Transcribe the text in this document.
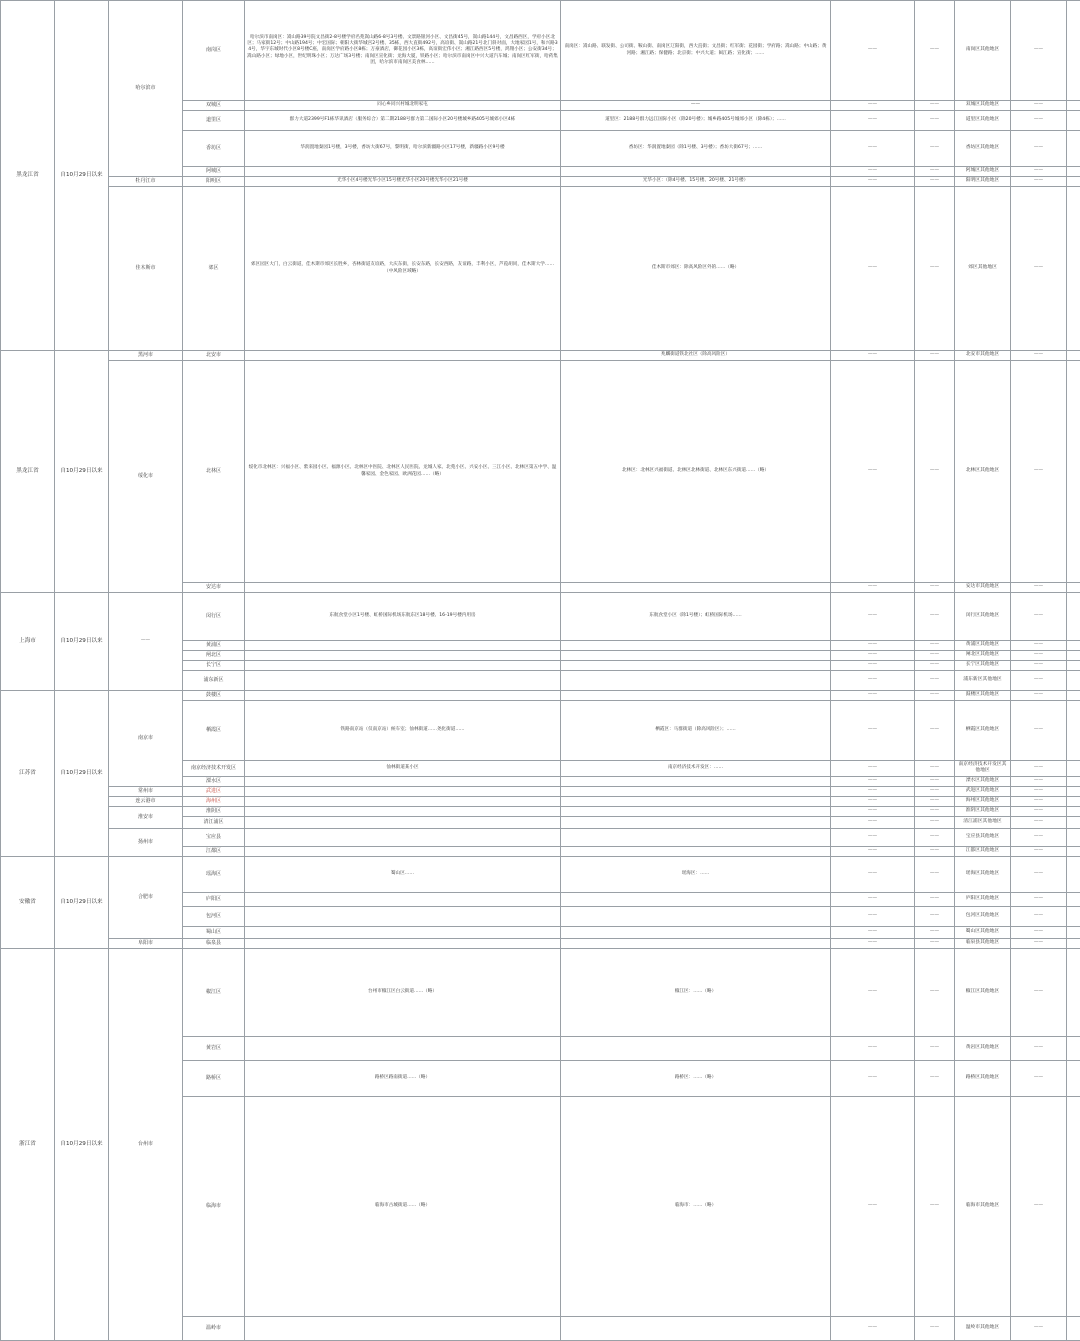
黑龙江省	自10月29日以来	哈尔滨市	南岗区	哈尔滨市南岗区：嵩山路39号院文昌街2-8号楼学府名苑嵩山路6-8号3号楼、文景路银河小区、文昌街45号，嵩山路144号，文昌路西区，学府小区北区；马家街12号；中山路194号；中宏国际；朝阳大街华城宫2号楼、35栋，西大直街492号，高谊街、嵩山路21号北门斜对面，大地家园1号，和兴路34号，华宇东城时代小区8号楼C座，南岗区学府路小区8栋；万豪酒店，御花园小区3栋，高谊街宏伟小区；湘江路西区5号楼，鸿翔小区；公安街34号；嵩山路小区；绿地小区，世纪明珠小区；万达广场3号楼；南岗区宣化街；龙海大厦，铁路小区；哈尔滨市南岗区中兴大道汽车城；南岗区红军街，哈药集团，哈尔滨市南岗区美食林……	南岗区：嵩山路、联发街、公司街、鞍山街、南岗区辽阳街，西大直街；文昌街；红军街；花园街；学府路；嵩山路；中山路；黄河路；湘江路；保健路；北京街；中兴大道；闽江路；宣化街；……	——	——	南岗区其他地区	——	
			双城区	同心乡同兴村城北明家屯	——	——	——	双城区其他地区	——	
			道里区	群力大道2399号F1栋华讯酒店（服务综合）第二期2188号群力第二国际小区20号楼城乡路405号城郊小区4栋	道里区：2188号群力远江国际小区（除20号楼）；城乡路405号城郊小区（除4栋）；……	——	——	道里区其他地区	——	
			香坊区	华润置地秦园1号楼，3号楼，香坊大街67号，黎明街，哈尔滨新疆路小区17号楼，新疆路小区9号楼	香坊区：华润置地秦园（除1号楼、3号楼）；香坊大街67号；……	——	——	香坊区其他地区	——	
			阿城区			——	——	阿城区其他地区	——	
		牡丹江市	阳明区	光华小区4号楼光华小区15号楼光华小区20号楼光华小区21号楼	光华小区：（除4号楼、15号楼、20号楼、21号楼）	——	——	阳明区其他地区	——	
		佳木斯市	郊区	郊区园区大门，白云街道，佳木斯市郊区长胜乡，杏林街道友谊路，大庆东街，长安东路，长安西路，友谊路，丰利小区，芦葭胡同，佳木斯大学……（中风险区域略）	佳木斯市郊区：除高风险区外的……（略）	——	——	郊区其他地区	——	
黑龙江省	自10月29日以来	黑河市	北安市		兆麟街道铁北社区（除高风险区）	——	——	北安市其他地区	——	
		绥化市	北林区	绥化市北林区：兴福小区、紫来园小区、福源小区、北林区中医院、北林区人民医院、龙城人家、北苑小区、兴安小区、三江小区、北林区第五中学、温馨家园、金色家园、欧洲花园……（略）	北林区：北林区兴福街道、北林区北林街道、北林区东兴街道……（略）	——	——	北林区其他地区	——	
			安达市			——	——	安达市其他地区	——	
上海市	自10月29日以来	——	闵行区	东航食堂小区1号楼、虹桥国际机场东航东区18号楼、16-19号楼内用房	东航食堂小区（除1号楼）；虹桥国际机场……	——	——	闵行区其他地区	——	
			黄浦区			——	——	黄浦区其他地区	——	
			闸北区			——	——	闸北区其他地区	——	
			长宁区			——	——	长宁区其他地区	——	
			浦东新区			——	——	浦东新区其他地区	——	
江苏省	自10月29日以来	南京市	鼓楼区			——	——	鼓楼区其他地区	——	
			栖霞区	铁路南京站（仅南京站）候车室；仙林街道……尧化街道……	栖霞区：马群街道（除高风险区）；……	——	——	栖霞区其他地区	——	
			南京经济技术开发区	仙林街道某小区	南京经济技术开发区：……	——	——	南京经济技术开发区其他地区	——	
			溧水区			——	——	溧水区其他地区	——	
		常州市	武进区			——	——	武进区其他地区	——	
		连云港市	海州区			——	——	海州区其他地区	——	
		淮安市	淮阴区			——	——	淮阴区其他地区	——	
			清江浦区			——	——	清江浦区其他地区	——	
		扬州市	宝应县			——	——	宝应县其他地区	——	
			江都区			——	——	江都区其他地区	——	
安徽省	自10月29日以来	合肥市	瑶海区	蜀山区……	瑶海区：……	——	——	瑶海区其他地区	——	
			庐阳区			——	——	庐阳区其他地区	——	
			包河区			——	——	包河区其他地区	——	
			蜀山区			——	——	蜀山区其他地区	——	
		阜阳市	临泉县			——	——	临泉县其他地区	——	
浙江省	自10月29日以来	台州市	椒江区	台州市椒江区白云街道……（略）	椒江区：……（略）	——	——	椒江区其他地区	——	
			黄岩区			——	——	黄岩区其他地区	——	
			路桥区	路桥区路南街道……（略）	路桥区：……（略）	——	——	路桥区其他地区	——	
			临海市	临海市古城街道……（略）	临海市：……（略）	——	——	临海市其他地区	——	
			温岭市			——	——	温岭市其他地区	——	
